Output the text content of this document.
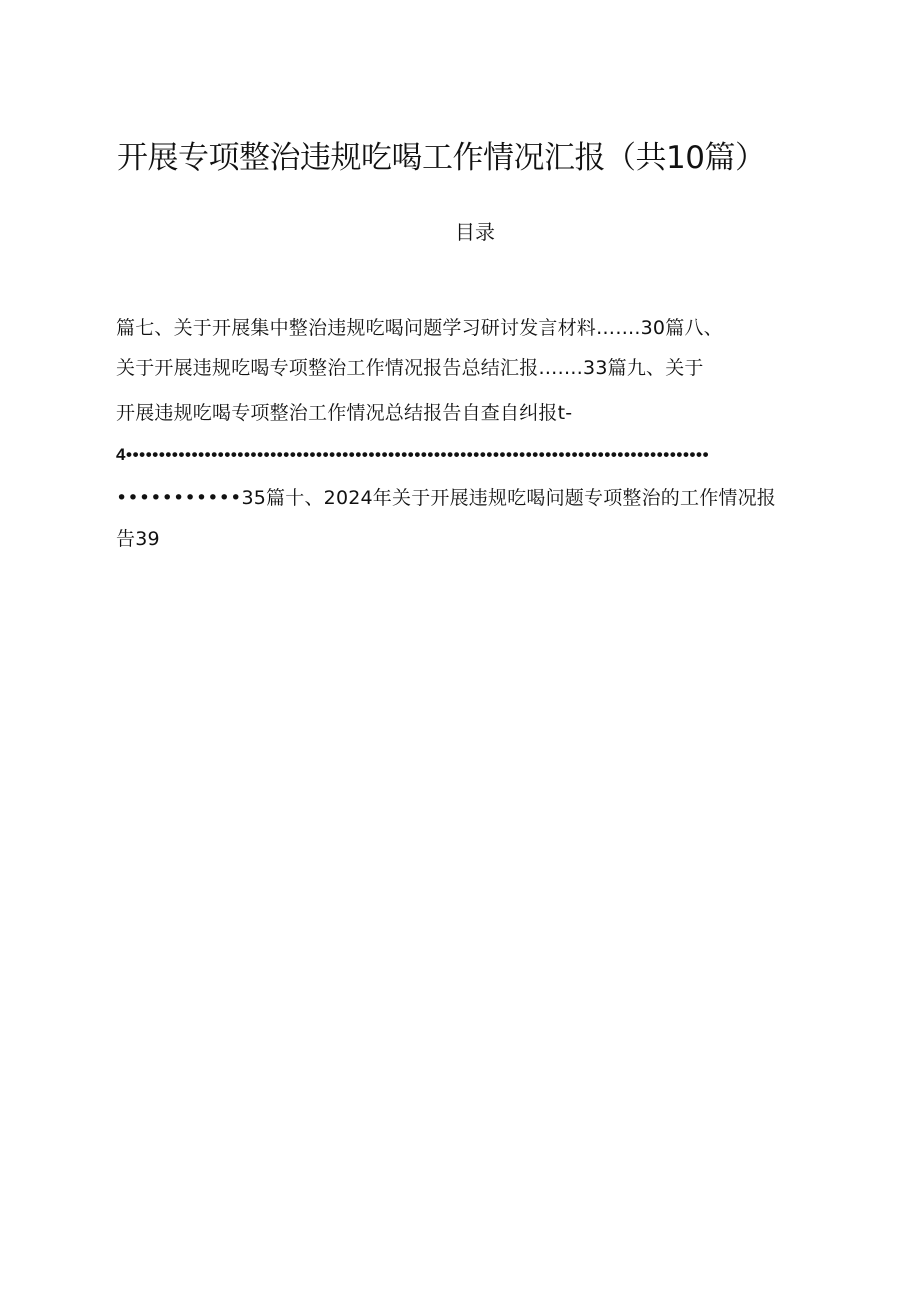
开展专项整治违规吃喝工作情况汇报（共10篇）
目录
篇七、关于开展集中整治违规吃喝问题学习研讨发言材料…….30篇八、
关于开展违规吃喝专项整治工作情况报告总结汇报….…33篇九、关于
开展违规吃喝专项整治工作情况总结报告自查自纠报t-
4•••••••••••••••••••••••••••••••••••••••••••••••••••••••••••••••••••••••••••••••••••••••••
•••••••••••35篇十、2024年关于开展违规吃喝问题专项整治的工作情况报
告39
